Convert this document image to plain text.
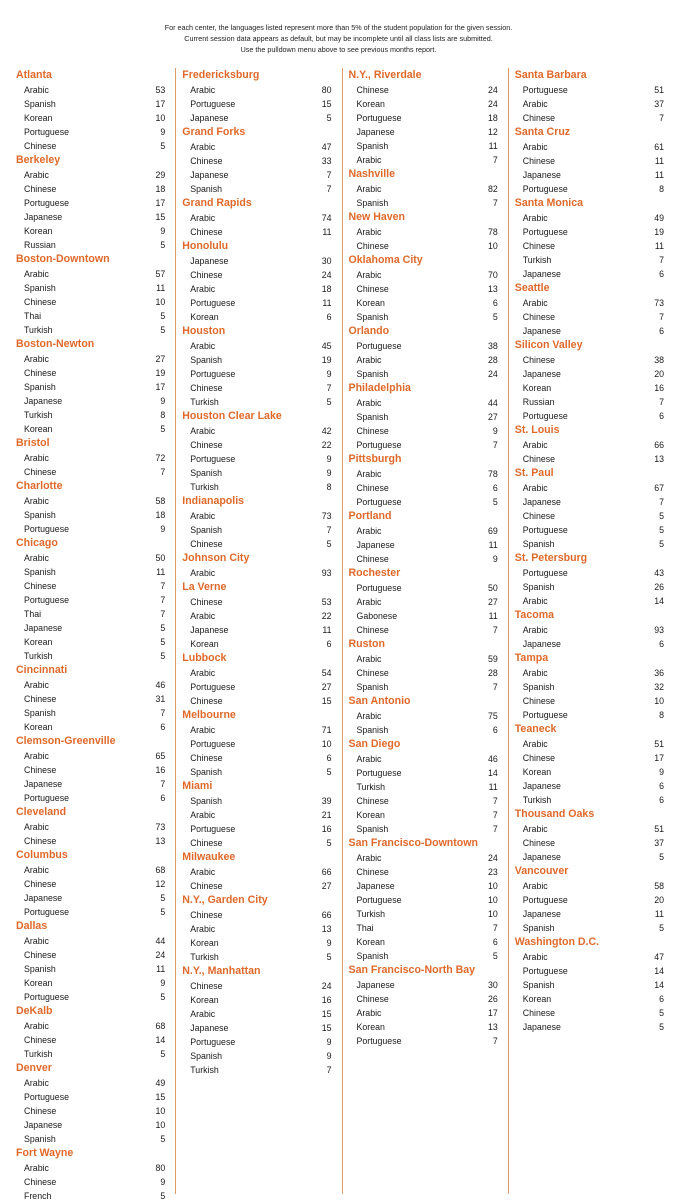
For each center, the languages listed represent more than 5% of the student population for the given session.
Current session data appears as default, but may be incomplete until all class lists are submitted.
Use the pulldown menu above to see previous months report.
Atlanta
Arabic	53
Spanish	17
Korean	10
Portuguese	9
Chinese	5
Berkeley
Arabic	29
Chinese	18
Portuguese	17
Japanese	15
Korean	9
Russian	5
Boston-Downtown
Arabic	57
Spanish	11
Chinese	10
Thai	5
Turkish	5
Boston-Newton
Arabic	27
Chinese	19
Spanish	17
Japanese	9
Turkish	8
Korean	5
Bristol
Arabic	72
Chinese	7
Charlotte
Arabic	58
Spanish	18
Portuguese	9
Chicago
Arabic	50
Spanish	11
Chinese	7
Portuguese	7
Thai	7
Japanese	5
Korean	5
Turkish	5
Cincinnati
Arabic	46
Chinese	31
Spanish	7
Korean	6
Clemson-Greenville
Arabic	65
Chinese	16
Japanese	7
Portuguese	6
Cleveland
Arabic	73
Chinese	13
Columbus
Arabic	68
Chinese	12
Japanese	5
Portuguese	5
Dallas
Arabic	44
Chinese	24
Spanish	11
Korean	9
Portuguese	5
DeKalb
Arabic	68
Chinese	14
Turkish	5
Denver
Arabic	49
Portuguese	15
Chinese	10
Japanese	10
Spanish	5
Fort Wayne
Arabic	80
Chinese	9
French	5
Fredericksburg
Arabic	80
Portuguese	15
Japanese	5
Grand Forks
Arabic	47
Chinese	33
Japanese	7
Spanish	7
Grand Rapids
Arabic	74
Chinese	11
Honolulu
Japanese	30
Chinese	24
Arabic	18
Portuguese	11
Korean	6
Houston
Arabic	45
Spanish	19
Portuguese	9
Chinese	7
Turkish	5
Houston Clear Lake
Arabic	42
Chinese	22
Portuguese	9
Spanish	9
Turkish	8
Indianapolis
Arabic	73
Spanish	7
Chinese	5
Johnson City
Arabic	93
La Verne
Chinese	53
Arabic	22
Japanese	11
Korean	6
Lubbock
Arabic	54
Portuguese	27
Chinese	15
Melbourne
Arabic	71
Portuguese	10
Chinese	6
Spanish	5
Miami
Spanish	39
Arabic	21
Portuguese	16
Chinese	5
Milwaukee
Arabic	66
Chinese	27
N.Y., Garden City
Chinese	66
Arabic	13
Korean	9
Turkish	5
N.Y., Manhattan
Chinese	24
Korean	16
Arabic	15
Japanese	15
Portuguese	9
Spanish	9
Turkish	7
N.Y., Riverdale
Chinese	24
Korean	24
Portuguese	18
Japanese	12
Spanish	11
Arabic	7
Nashville
Arabic	82
Spanish	7
New Haven
Arabic	78
Chinese	10
Oklahoma City
Arabic	70
Chinese	13
Korean	6
Spanish	5
Orlando
Portuguese	38
Arabic	28
Spanish	24
Philadelphia
Arabic	44
Spanish	27
Chinese	9
Portuguese	7
Pittsburgh
Arabic	78
Chinese	6
Portuguese	5
Portland
Arabic	69
Japanese	11
Chinese	9
Rochester
Portuguese	50
Arabic	27
Gabonese	11
Chinese	7
Ruston
Arabic	59
Chinese	28
Spanish	7
San Antonio
Arabic	75
Spanish	6
San Diego
Arabic	46
Portuguese	14
Turkish	11
Chinese	7
Korean	7
Spanish	7
San Francisco-Downtown
Arabic	24
Chinese	23
Japanese	10
Portuguese	10
Turkish	10
Thai	7
Korean	6
Spanish	5
San Francisco-North Bay
Japanese	30
Chinese	26
Arabic	17
Korean	13
Portuguese	7
Santa Barbara
Portuguese	51
Arabic	37
Chinese	7
Santa Cruz
Arabic	61
Chinese	11
Japanese	11
Portuguese	8
Santa Monica
Arabic	49
Portuguese	19
Chinese	11
Turkish	7
Japanese	6
Seattle
Arabic	73
Chinese	7
Japanese	6
Silicon Valley
Chinese	38
Japanese	20
Korean	16
Russian	7
Portuguese	6
St. Louis
Arabic	66
Chinese	13
St. Paul
Arabic	67
Japanese	7
Chinese	5
Portuguese	5
Spanish	5
St. Petersburg
Portuguese	43
Spanish	26
Arabic	14
Tacoma
Arabic	93
Japanese	6
Tampa
Arabic	36
Spanish	32
Chinese	10
Portuguese	8
Teaneck
Arabic	51
Chinese	17
Korean	9
Japanese	6
Turkish	6
Thousand Oaks
Arabic	51
Chinese	37
Japanese	5
Vancouver
Arabic	58
Portuguese	20
Japanese	11
Spanish	5
Washington D.C.
Arabic	47
Portuguese	14
Spanish	14
Korean	6
Chinese	5
Japanese	5
